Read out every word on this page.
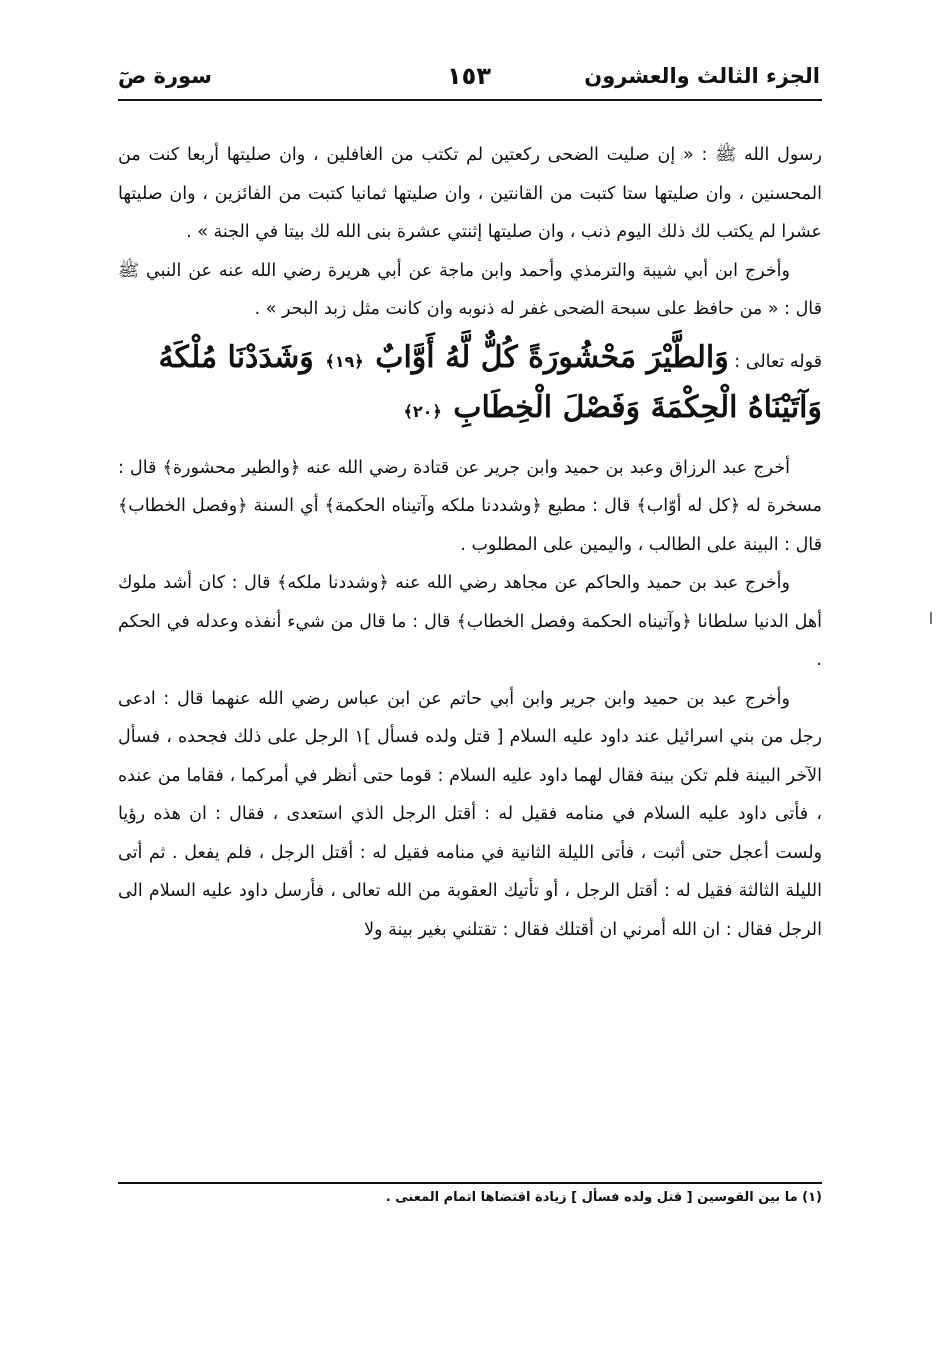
الجزء الثالث والعشرون
١٥٣
سورة صٓ

رسول الله ﷺ : « إن صليت الضحى ركعتين لم تكتب من الغافلين ، وان صليتها أربعا كنت من المحسنين ، وان صليتها ستا كتبت من القانتين ، وان صليتها ثمانيا كتبت من الفائزين ، وان صليتها عشرا لم يكتب لك ذلك اليوم ذنب ، وان صليتها إثنتي عشرة بنى الله لك بيتا في الجنة » .

وأخرج ابن أبي شيبة والترمذي وأحمد وابن ماجة عن أبي هريرة رضي الله عنه عن النبي ﷺ قال : « من حافظ على سبحة الضحى غفر له ذنوبه وان كانت مثل زبد البحر » .

قوله تعالى : وَالطَّيْرَ مَحْشُورَةً كُلٌّ لَّهُ أَوَّابٌ ﴿١٩﴾ وَشَدَدْنَا مُلْكَهُ وَآتَيْنَاهُ الْحِكْمَةَ وَفَصْلَ الْخِطَابِ ﴿٢٠﴾

أخرج عبد الرزاق وعبد بن حميد وابن جرير عن قتادة رضي الله عنه ﴿والطير محشورة﴾ قال : مسخرة له ﴿كل له أوّاب﴾ قال : مطيع ﴿وشددنا ملكه وآتيناه الحكمة﴾ أي السنة ﴿وفصل الخطاب﴾ قال : البينة على الطالب ، واليمين على المطلوب .

وأخرج عبد بن حميد والحاكم عن مجاهد رضي الله عنه ﴿وشددنا ملكه﴾ قال : كان أشد ملوك أهل الدنيا سلطانا ﴿وآتيناه الحكمة وفصل الخطاب﴾ قال : ما قال من شيء أنفذه وعدله في الحكم .

وأخرج عبد بن حميد وابن جرير وابن أبي حاتم عن ابن عباس رضي الله عنهما قال : ادعى رجل من بني اسرائيل عند داود عليه السلام [ قتل ولده فسأل ]١ الرجل على ذلك فجحده ، فسأل الآخر البينة فلم تكن بينة فقال لهما داود عليه السلام : قوما حتى أنظر في أمركما ، فقاما من عنده ، فأتى داود عليه السلام في منامه فقيل له : أقتل الرجل الذي استعدى ، فقال : ان هذه رؤيا ولست أعجل حتى أثبت ، فأتى الليلة الثانية في منامه فقيل له : أقتل الرجل ، فلم يفعل . ثم أتى الليلة الثالثة فقيل له : أقتل الرجل ، أو تأتيك العقوبة من الله تعالى ، فأرسل داود عليه السلام الى الرجل فقال : ان الله أمرني ان أقتلك فقال : تقتلني بغير بينة ولا

(١) ما بين القوسين [ قتل ولده فسأل ] زيادة اقتضاها اتمام المعنى .
